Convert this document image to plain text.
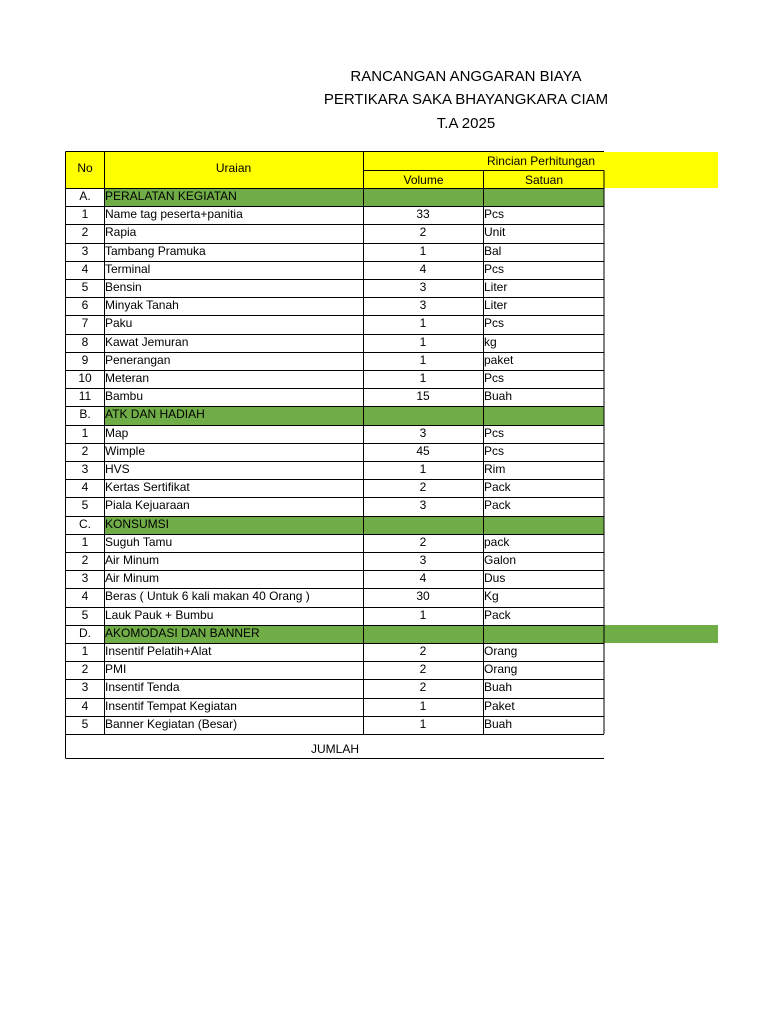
RANCANGAN ANGGARAN BIAYA
PERTIKARA SAKA BHAYANGKARA CIAM
T.A 2025
No	Uraian	Rincian Perhitungan
Volume	Satuan
A.	PERALATAN KEGIATAN
1	Name tag peserta+panitia	33	Pcs
2	Rapia	2	Unit
3	Tambang Pramuka	1	Bal
4	Terminal	4	Pcs
5	Bensin	3	Liter
6	Minyak Tanah	3	Liter
7	Paku	1	Pcs
8	Kawat Jemuran	1	kg
9	Penerangan	1	paket
10	Meteran	1	Pcs
11	Bambu	15	Buah
B.	ATK DAN HADIAH
1	Map	3	Pcs
2	Wimple	45	Pcs
3	HVS	1	Rim
4	Kertas Sertifikat	2	Pack
5	Piala Kejuaraan	3	Pack
C.	KONSUMSI
1	Suguh Tamu	2	pack
2	Air Minum	3	Galon
3	Air Minum	4	Dus
4	Beras ( Untuk 6 kali makan 40 Orang )	30	Kg
5	Lauk Pauk + Bumbu	1	Pack
D.	AKOMODASI DAN BANNER
1	Insentif Pelatih+Alat	2	Orang
2	PMI	2	Orang
3	Insentif Tenda	2	Buah
4	Insentif Tempat Kegiatan	1	Paket
5	Banner Kegiatan (Besar)	1	Buah
JUMLAH
